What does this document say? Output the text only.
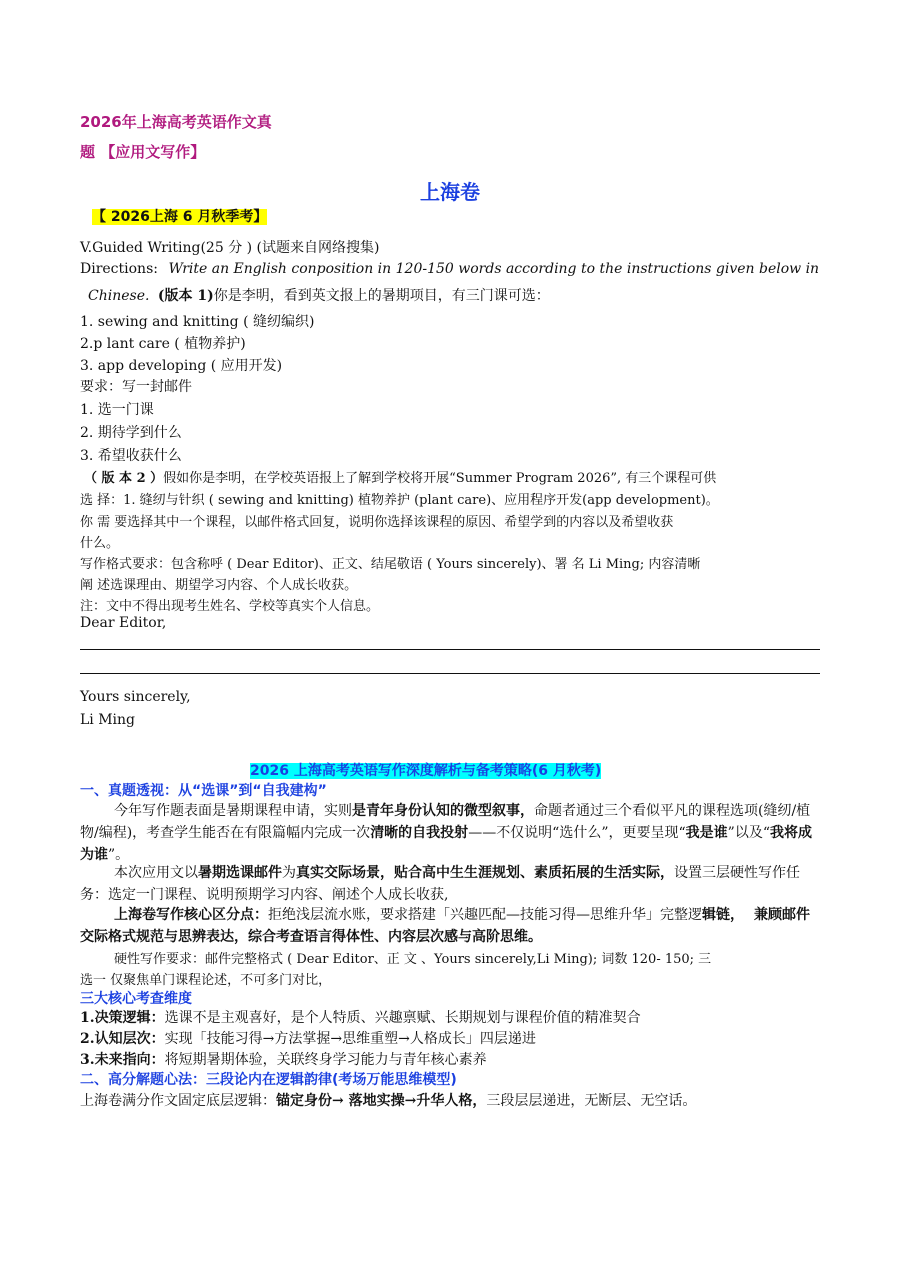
2026年上海高考英语作文真
题 【应用文写作】
上海卷
【 2026上海 6 月秋季考】
V.Guided Writing(25 分 ) (试题来自网络搜集)
Directions: Write an English conposition in 120-150 words according to the instructions given below in
Chinese. (版本 1)你是李明，看到英文报上的暑期项目，有三门课可选：
1. sewing and knitting ( 缝纫编织)
2.p lant care ( 植物养护)
3. app developing ( 应用开发)
要求：写一封邮件
1. 选一门课
2. 期待学到什么
3. 希望收获什么
（ 版 本 2 ）假如你是李明，在学校英语报上了解到学校将开展“Summer Program 2026”, 有三个课程可供
选 择：1. 缝纫与针织 ( sewing and knitting) 植物养护 (plant care)、应用程序开发(app development)。
你 需 要选择其中一个课程，以邮件格式回复，说明你选择该课程的原因、希望学到的内容以及希望收获
什么。
写作格式要求：包含称呼 ( Dear Editor)、正文、结尾敬语 ( Yours sincerely)、署 名 Li Ming; 内容清晰
阐 述选课理由、期望学习内容、个人成长收获。
注：文中不得出现考生姓名、学校等真实个人信息。
Dear Editor,
Yours sincerely,
Li Ming
2026 上海高考英语写作深度解析与备考策略(6 月秋考)
一、真题透视：从“选课”到“自我建构”
今年写作题表面是暑期课程申请，实则是青年身份认知的微型叙事，命题者通过三个看似平凡的课程选项(缝纫/植物/编程)，考查学生能否在有限篇幅内完成一次清晰的自我投射——不仅说明“选什么”，更要呈现“我是谁”以及“我将成为谁”。
本次应用文以暑期选课邮件为真实交际场景，贴合高中生生涯规划、素质拓展的生活实际，设置三层硬性写作任务：选定一门课程、说明预期学习内容、阐述个人成长收获,
上海卷写作核心区分点：拒绝浅层流水账，要求搭建「兴趣匹配—技能习得—思维升华」完整逻辑链， 兼顾邮件交际格式规范与思辨表达，综合考查语言得体性、内容层次感与高阶思维。
硬性写作要求：邮件完整格式 ( Dear Editor、正 文 、Yours sincerely,Li Ming); 词数 120- 150; 三
选一 仅聚焦单门课程论述，不可多门对比，
三大核心考查维度
1.决策逻辑：选课不是主观喜好，是个人特质、兴趣禀赋、长期规划与课程价值的精准契合
2.认知层次：实现「技能习得→方法掌握→思维重塑→人格成长」四层递进
3.未来指向：将短期暑期体验，关联终身学习能力与青年核心素养
二、高分解题心法：三段论内在逻辑韵律(考场万能思维模型)
上海卷满分作文固定底层逻辑：锚定身份→ 落地实操→升华人格，三段层层递进，无断层、无空话。
